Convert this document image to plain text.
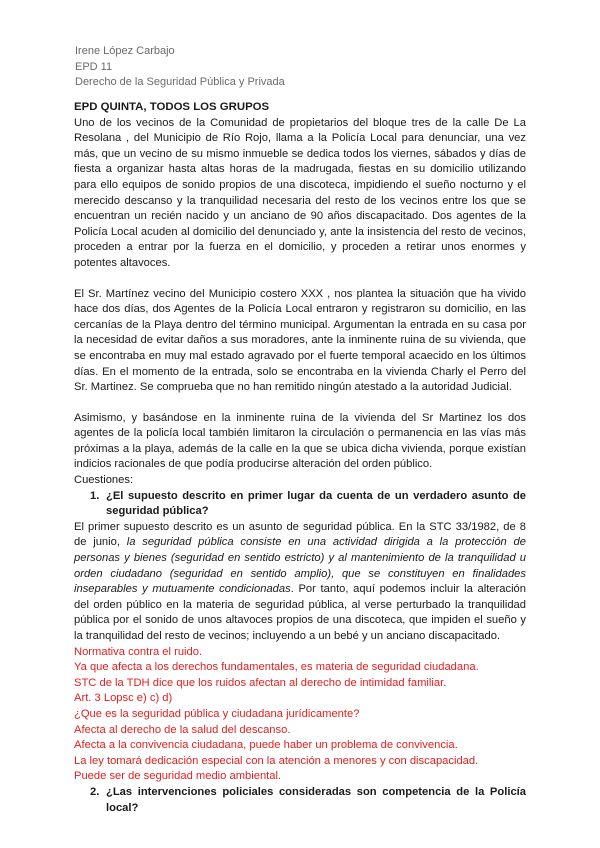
Irene López Carbajo
EPD 11
Derecho de la Seguridad Pública y Privada
EPD QUINTA, TODOS LOS GRUPOS

Uno de los vecinos de la Comunidad de propietarios del bloque tres de la calle De La Resolana , del Municipio de Río Rojo, llama a la Policía Local para denunciar, una vez más, que un vecino de su mismo inmueble se dedica todos los viernes, sábados y días de fiesta a organizar hasta altas horas de la madrugada, fiestas en su domicilio utilizando para ello equipos de sonido propios de una discoteca, impidiendo el sueño nocturno y el merecido descanso y la tranquilidad necesaria del resto de los vecinos entre los que se encuentran un recién nacido y un anciano de 90 años discapacitado. Dos agentes de la Policía Local acuden al domicilio del denunciado y, ante la insistencia del resto de vecinos, proceden a entrar por la fuerza en el domicilio, y proceden a retirar unos enormes y potentes altavoces.

El Sr. Martínez vecino del Municipio costero XXX , nos plantea la situación que ha vivido hace dos días, dos Agentes de la Policía Local entraron y registraron su domicilio, en las cercanías de la Playa dentro del término municipal. Argumentan la entrada en su casa por la necesidad de evitar daños a sus moradores, ante la inminente ruina de su vivienda, que se encontraba en muy mal estado agravado por el fuerte temporal acaecido en los últimos días. En el momento de la entrada, solo se encontraba en la vivienda Charly el Perro del Sr. Martinez. Se comprueba que no han remitido ningún atestado a la autoridad Judicial.

Asimismo, y basándose en la inminente ruina de la vivienda del Sr Martinez los dos agentes de la policía local también limitaron la circulación o permanencia en las vías más próximas a la playa, además de la calle en la que se ubica dicha vivienda, porque existían indicios racionales de que podía producirse alteración del orden público.

Cuestiones:

1. ¿El supuesto descrito en primer lugar da cuenta de un verdadero asunto de seguridad pública?

El primer supuesto descrito es un asunto de seguridad pública. En la STC 33/1982, de 8 de junio, la seguridad pública consiste en una actividad dirigida a la protección de personas y bienes (seguridad en sentido estricto) y al mantenimiento de la tranquilidad u orden ciudadano (seguridad en sentido amplio), que se constituyen en finalidades inseparables y mutuamente condicionadas. Por tanto, aquí podemos incluir la alteración del orden público en la materia de seguridad pública, al verse perturbado la tranquilidad pública por el sonido de unos altavoces propios de una discoteca, que impiden el sueño y la tranquilidad del resto de vecinos; incluyendo a un bebé y un anciano discapacitado.

Normativa contra el ruido.

Ya que afecta a los derechos fundamentales, es materia de seguridad ciudadana.

STC de la TDH dice que los ruidos afectan al derecho de intimidad familiar.

Art. 3 Lopsc e) c) d)

¿Que es la seguridad pública y ciudadana jurídicamente?

Afecta al derecho de la salud del descanso.

Afecta a la convivencia ciudadana, puede haber un problema de convivencia.

La ley tomará dedicación especial con la atención a menores y con discapacidad.

Puede ser de seguridad medio ambiental.

2. ¿Las intervenciones policiales consideradas son competencia de la Policía local?
